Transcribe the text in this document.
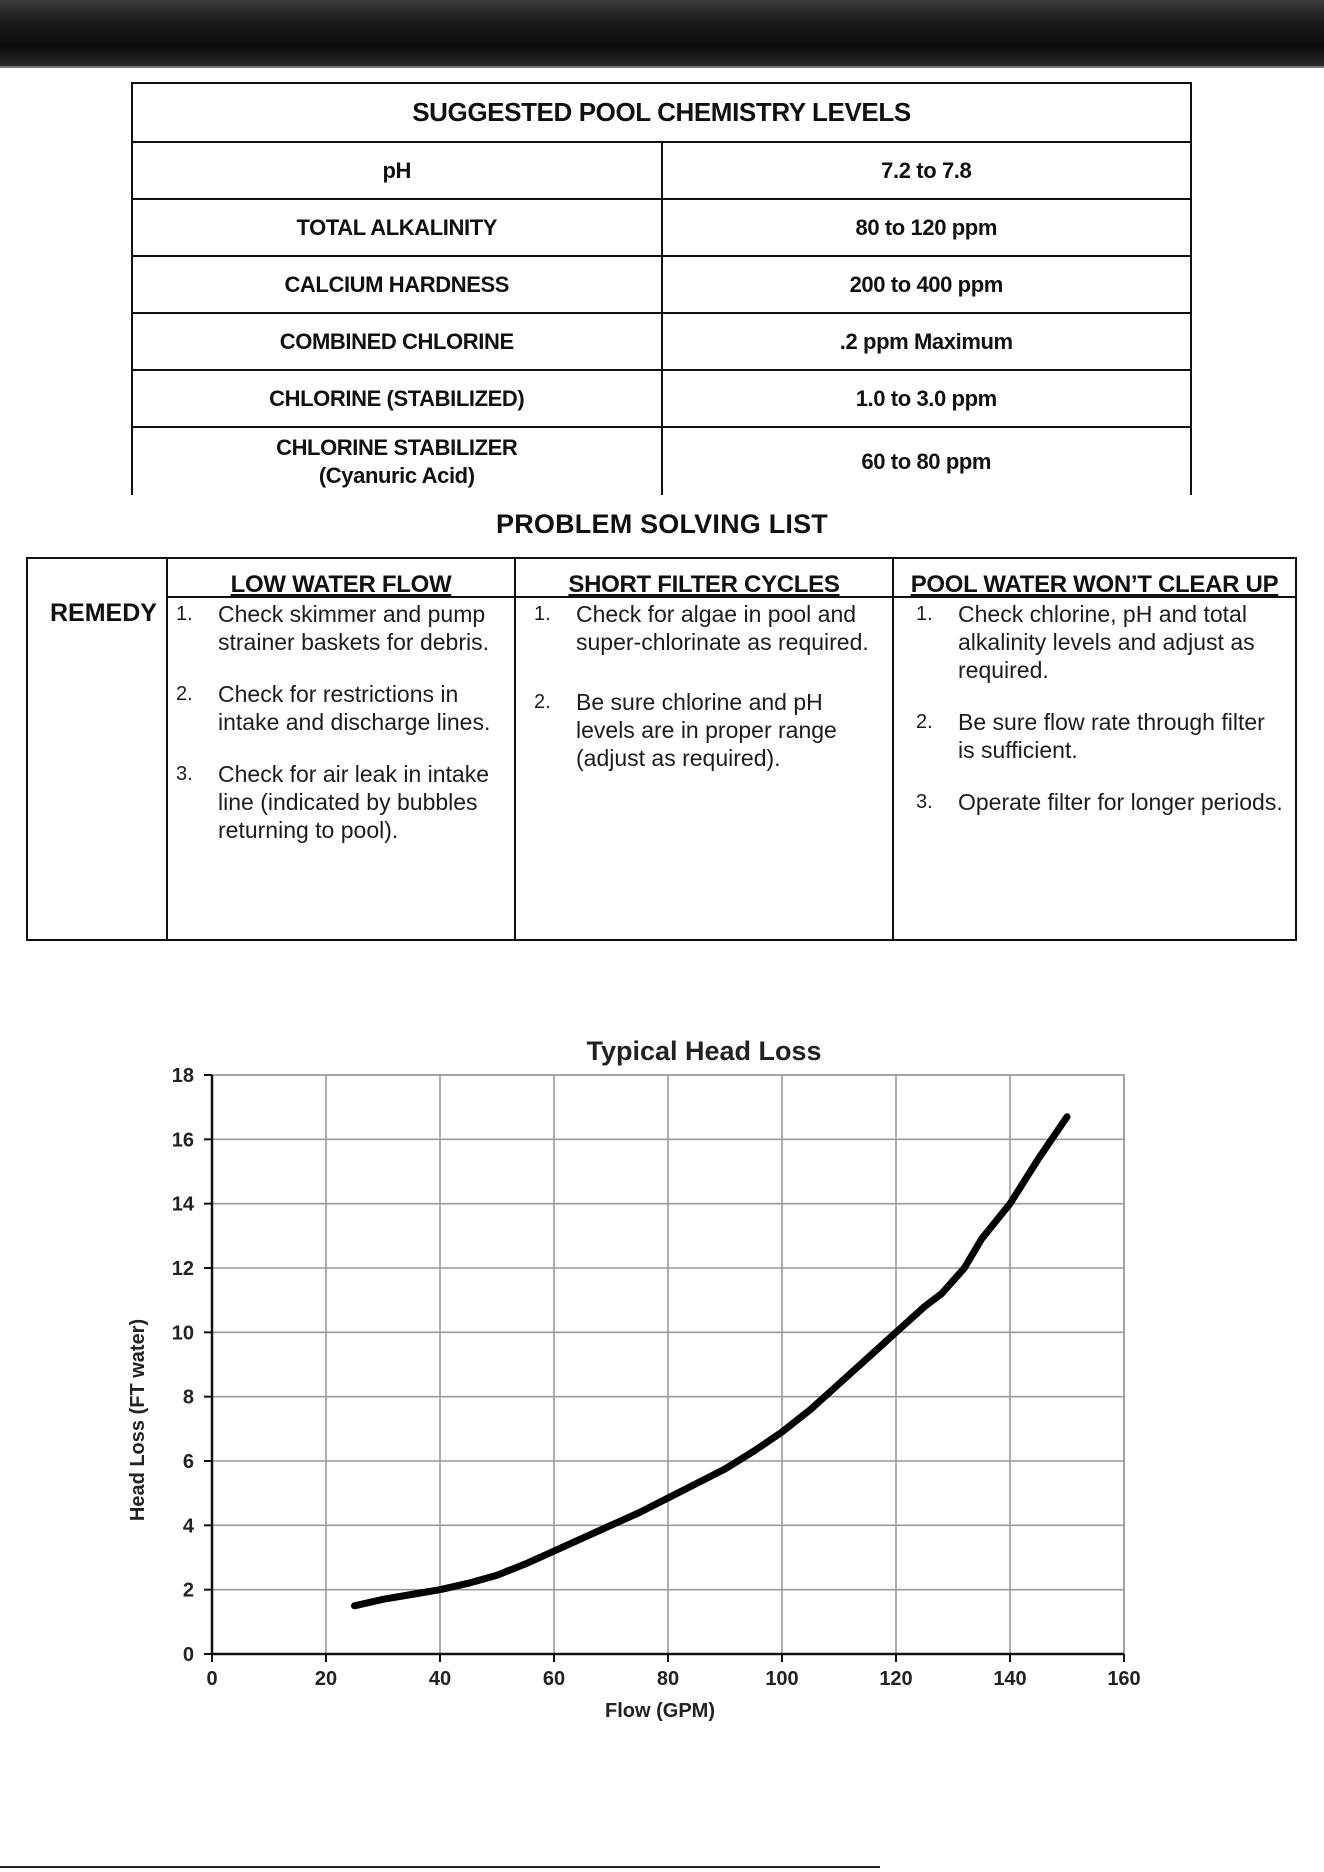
SUGGESTED POOL CHEMISTRY LEVELS	
pH	7.2 to 7.8
TOTAL ALKALINITY	80 to 120 ppm
CALCIUM HARDNESS	200 to 400 ppm
COMBINED CHLORINE	.2 ppm Maximum
CHLORINE (STABILIZED)	1.0 to 3.0 ppm
CHLORINE STABILIZER
(Cyanuric Acid)	60 to 80 ppm
PROBLEM SOLVING LIST
REMEDY
LOW WATER FLOW
1.	Check skimmer and pump strainer baskets for debris.
2.	Check for restrictions in intake and discharge lines.
3.	Check for air leak in intake line (indicated by bubbles returning to pool).
SHORT FILTER CYCLES
1.	Check for algae in pool and super-chlorinate as required.
2.	Be sure chlorine and pH levels are in proper range (adjust as required).
POOL WATER WON’T CLEAR UP
1.	Check chlorine, pH and total alkalinity levels and adjust as required.
2.	Be sure flow rate through filter is sufficient.
3.	Operate filter for longer periods.
0	20	40	60	80	100	120	140	160
0
2
4
6
8
10
12
14
16
18
Typical Head Loss
Flow (GPM)
Head Loss (FT water)
